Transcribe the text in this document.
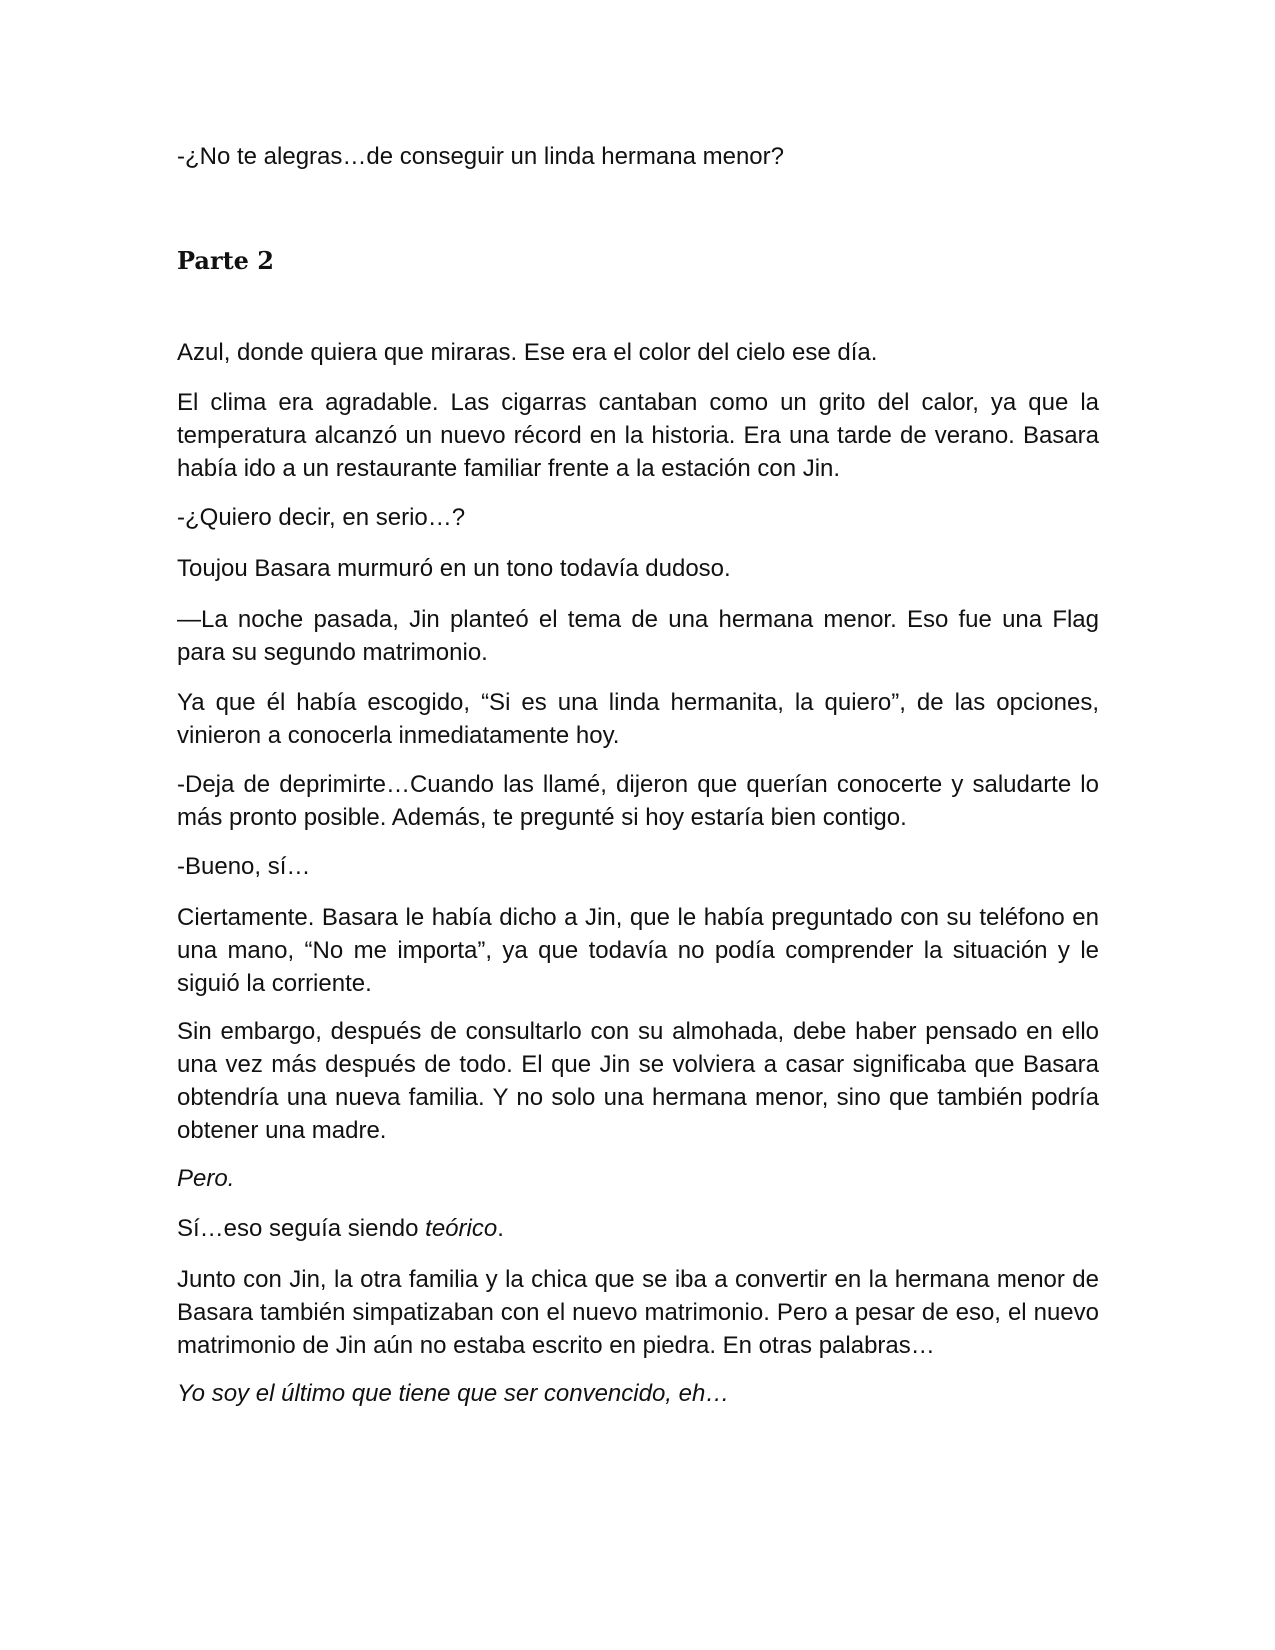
-¿No te alegras…de conseguir un linda hermana menor?

Parte 2

Azul, donde quiera que miraras. Ese era el color del cielo ese día.

El clima era agradable. Las cigarras cantaban como un grito del calor, ya que la temperatura alcanzó un nuevo récord en la historia. Era una tarde de verano. Basara había ido a un restaurante familiar frente a la estación con Jin.

-¿Quiero decir, en serio…?

Toujou Basara murmuró en un tono todavía dudoso.

—La noche pasada, Jin planteó el tema de una hermana menor. Eso fue una Flag para su segundo matrimonio.

Ya que él había escogido, “Si es una linda hermanita, la quiero”, de las opciones, vinieron a conocerla inmediatamente hoy.

-Deja de deprimirte…Cuando las llamé, dijeron que querían conocerte y saludarte lo más pronto posible. Además, te pregunté si hoy estaría bien contigo.

-Bueno, sí…

Ciertamente. Basara le había dicho a Jin, que le había preguntado con su teléfono en una mano, “No me importa”, ya que todavía no podía comprender la situación y le siguió la corriente.

Sin embargo, después de consultarlo con su almohada, debe haber pensado en ello una vez más después de todo. El que Jin se volviera a casar significaba que Basara obtendría una nueva familia. Y no solo una hermana menor, sino que también podría obtener una madre.

Pero.

Sí…eso seguía siendo teórico.

Junto con Jin, la otra familia y la chica que se iba a convertir en la hermana menor de Basara también simpatizaban con el nuevo matrimonio. Pero a pesar de eso, el nuevo matrimonio de Jin aún no estaba escrito en piedra. En otras palabras…

Yo soy el último que tiene que ser convencido, eh…
